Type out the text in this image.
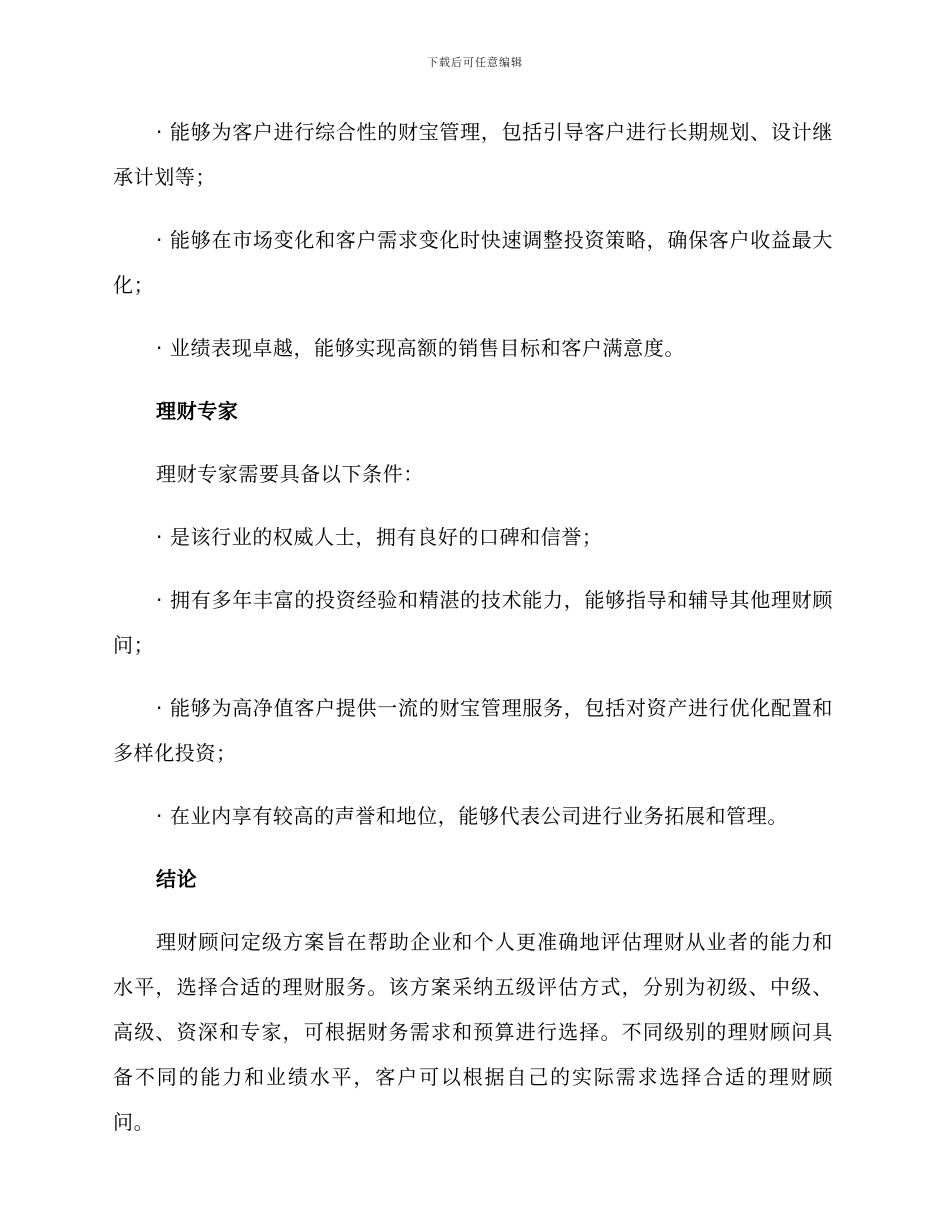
下载后可任意编辑

· 能够为客户进行综合性的财宝管理，包括引导客户进行长期规划、设计继承计划等；

· 能够在市场变化和客户需求变化时快速调整投资策略，确保客户收益最大化；

· 业绩表现卓越，能够实现高额的销售目标和客户满意度。

理财专家

理财专家需要具备以下条件：

· 是该行业的权威人士，拥有良好的口碑和信誉；

· 拥有多年丰富的投资经验和精湛的技术能力，能够指导和辅导其他理财顾问；

· 能够为高净值客户提供一流的财宝管理服务，包括对资产进行优化配置和多样化投资；

· 在业内享有较高的声誉和地位，能够代表公司进行业务拓展和管理。

结论

理财顾问定级方案旨在帮助企业和个人更准确地评估理财从业者的能力和水平，选择合适的理财服务。该方案采纳五级评估方式，分别为初级、中级、高级、资深和专家，可根据财务需求和预算进行选择。不同级别的理财顾问具备不同的能力和业绩水平，客户可以根据自己的实际需求选择合适的理财顾问。
